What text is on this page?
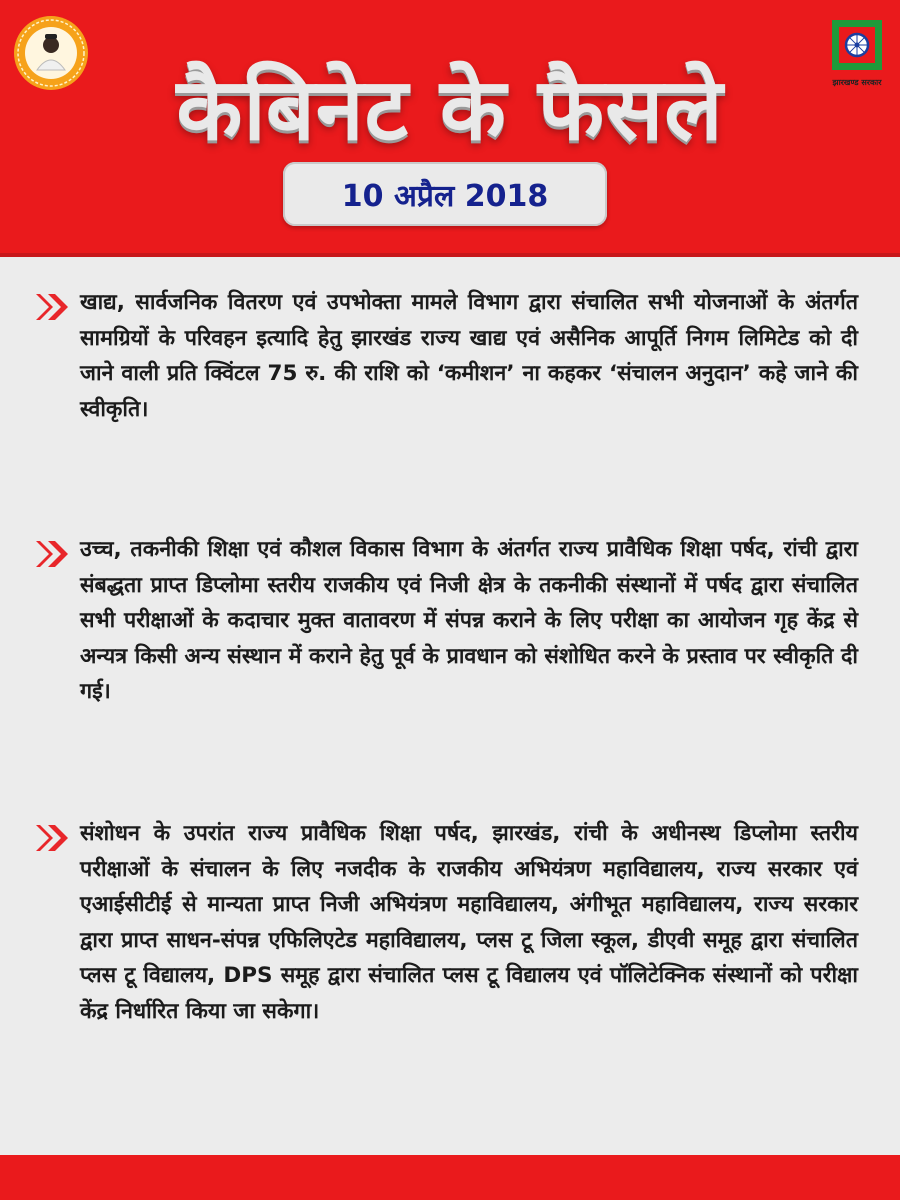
कैबिनेट के फैसले
10 अप्रैल 2018
झारखण्ड सरकार
खाद्य, सार्वजनिक वितरण एवं उपभोक्ता मामले विभाग द्वारा संचालित सभी योजनाओं के अंतर्गत सामग्रियों के परिवहन इत्यादि हेतु झारखंड राज्य खाद्य एवं असैनिक आपूर्ति निगम लिमिटेड को दी जाने वाली प्रति क्विंटल 75 रु. की राशि को ‘कमीशन’ ना कहकर ‘संचालन अनुदान’ कहे जाने की स्वीकृति।
उच्च, तकनीकी शिक्षा एवं कौशल विकास विभाग के अंतर्गत राज्य प्रावैधिक शिक्षा पर्षद, रांची द्वारा संबद्धता प्राप्त डिप्लोमा स्तरीय राजकीय एवं निजी क्षेत्र के तकनीकी संस्थानों में पर्षद द्वारा संचालित सभी परीक्षाओं के कदाचार मुक्त वातावरण में संपन्न कराने के लिए परीक्षा का आयोजन गृह केंद्र से अन्यत्र किसी अन्य संस्थान में कराने हेतु पूर्व के प्रावधान को संशोधित करने के प्रस्ताव पर स्वीकृति दी गई।
संशोधन के उपरांत राज्य प्रावैधिक शिक्षा पर्षद, झारखंड, रांची के अधीनस्थ डिप्लोमा स्तरीय परीक्षाओं के संचालन के लिए नजदीक के राजकीय अभियंत्रण महाविद्यालय, राज्य सरकार एवं एआईसीटीई से मान्यता प्राप्त निजी अभियंत्रण महाविद्यालय, अंगीभूत महाविद्यालय, राज्य सरकार द्वारा प्राप्त साधन-संपन्न एफिलिएटेड महाविद्यालय, प्लस टू जिला स्कूल, डीएवी समूह द्वारा संचालित प्लस टू विद्यालय, DPS समूह द्वारा संचालित प्लस टू विद्यालय एवं पॉलिटेक्निक संस्थानों को परीक्षा केंद्र निर्धारित किया जा सकेगा।
